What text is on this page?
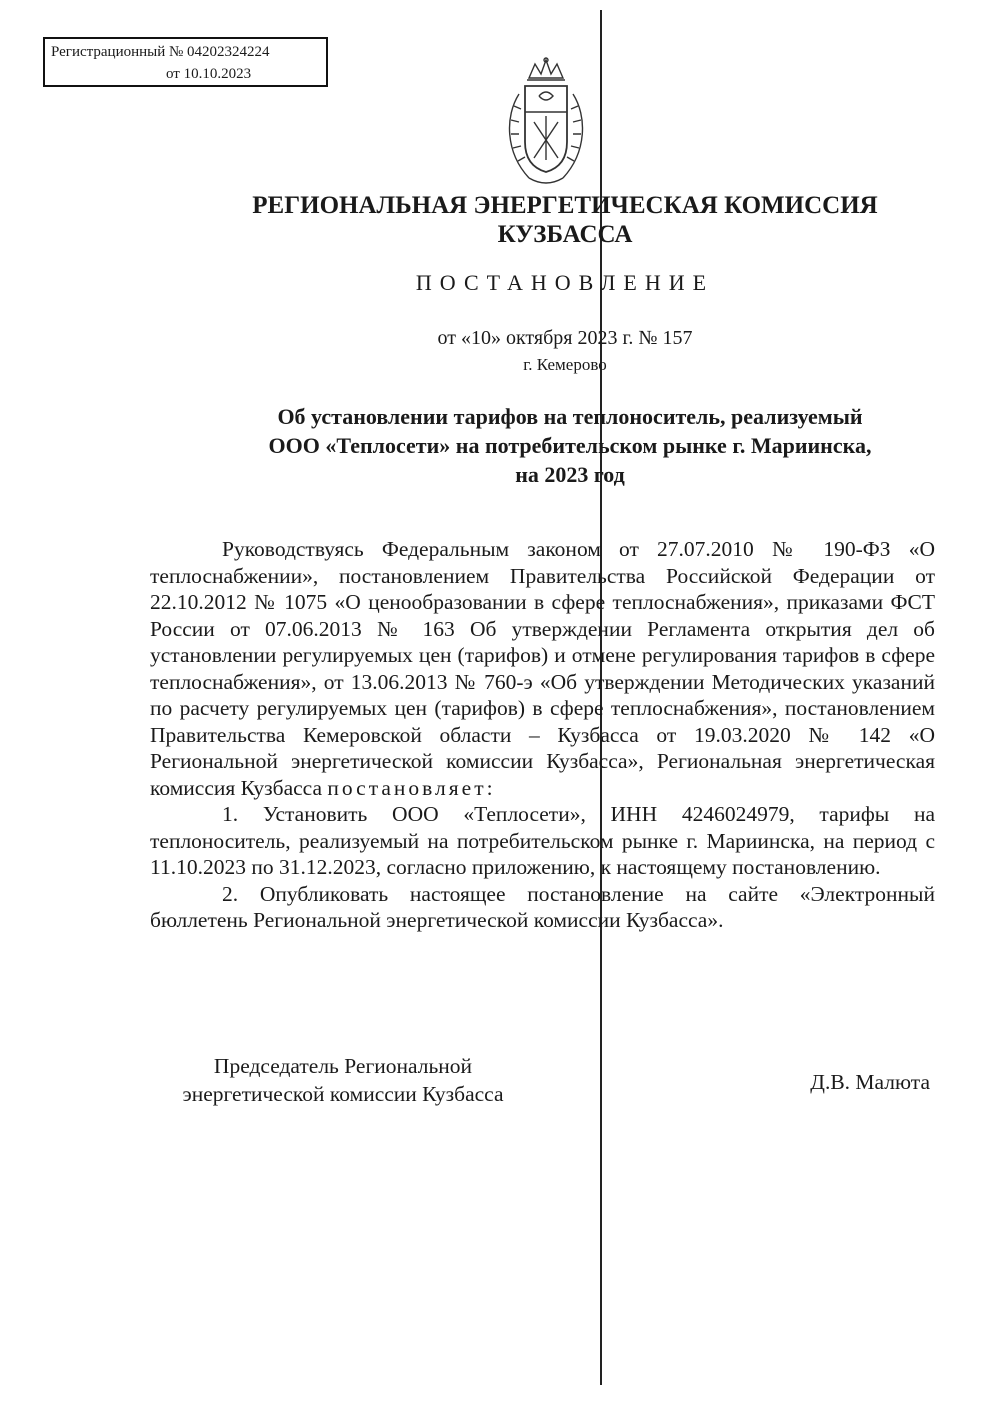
Регистрационный № 04202324224
от 10.10.2023
РЕГИОНАЛЬНАЯ ЭНЕРГЕТИЧЕСКАЯ КОМИССИЯ
КУЗБАССА
ПОСТАНОВЛЕНИЕ
от «10» октября 2023 г. № 157
г. Кемерово
Об установлении тарифов на теплоноситель, реализуемый
ООО «Теплосети» на потребительском рынке г. Мариинска,
на 2023 год

Руководствуясь Федеральным законом от 27.07.2010 № 190-ФЗ «О теплоснабжении», постановлением Правительства Российской Федерации от 22.10.2012 № 1075 «О ценообразовании в сфере теплоснабжения», приказами ФСТ России от 07.06.2013 № 163 Об утверждении Регламента открытия дел об установлении регулируемых цен (тарифов) и отмене регулирования тарифов в сфере теплоснабжения», от 13.06.2013 № 760-э «Об утверждении Методических указаний по расчету регулируемых цен (тарифов) в сфере теплоснабжения», постановлением Правительства Кемеровской области – Кузбасса от 19.03.2020 № 142 «О Региональной энергетической комиссии Кузбасса», Региональная энергетическая комиссия Кузбасса постановляет:

1. Установить ООО «Теплосети», ИНН 4246024979, тарифы на теплоноситель, реализуемый на потребительском рынке г. Мариинска, на период с 11.10.2023 по 31.12.2023, согласно приложению, к настоящему постановлению.

2. Опубликовать настоящее постановление на сайте «Электронный бюллетень Региональной энергетической комиссии Кузбасса».

Председатель Региональной
энергетической комиссии Кузбасса	Д.В. Малюта
